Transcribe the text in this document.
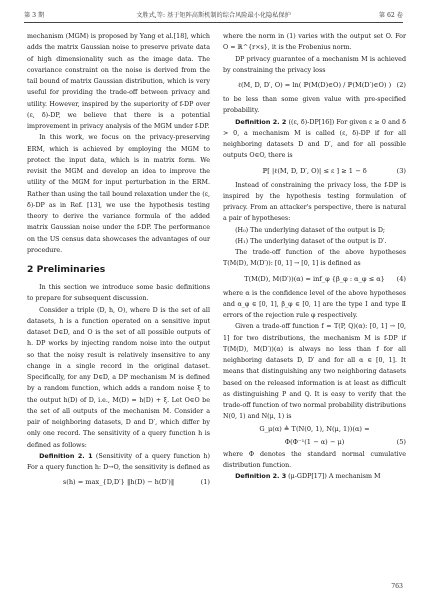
第 3 期	文胜式,等: 基于矩阵高斯机制的综合风险最小化隐私保护	第 62 卷

mechanism (MGM) is proposed by Yang et al.[18], which adds the matrix Gaussian noise to preserve private data of high dimensionality such as the image data. The covariance constraint on the noise is derived from the tail bound of matrix Gaussian distribution, which is very useful for providing the trade-off between privacy and utility. However, inspired by the superiority of f-DP over (ε, δ)-DP, we believe that there is a potential improvement in privacy analysis of the MGM under f-DP.

In this work, we focus on the privacy-preserving ERM, which is achieved by employing the MGM to protect the input data, which is in matrix form. We revisit the MGM and develop an idea to improve the utility of the MGM for input perturbation in the ERM. Rather than using the tail bound relaxation under the (ε, δ)-DP as in Ref. [13], we use the hypothesis testing theory to derive the variance formula of the added matrix Gaussian noise under the f-DP. The performance on the US census data showcases the advantages of our procedure.

2 Preliminaries

In this section we introduce some basic definitions to prepare for subsequent discussion.

Consider a triple (D, h, O), where D is the set of all datasets, h is a function operated on a sensitive input dataset D∈D, and O is the set of all possible outputs of h. DP works by injecting random noise into the output so that the noisy result is relatively insensitive to any change in a single record in the original dataset. Specifically, for any D∈D, a DP mechanism M is defined by a random function, which adds a random noise ξ to the output h(D) of D, i.e., M(D) = h(D) + ξ. Let O∈O be the set of all outputs of the mechanism M. Consider a pair of neighboring datasets, D and D′, which differ by only one record. The sensitivity of a query function h is defined as follows:

Definition 2. 1 (Sensitivity of a query function h) For a query function h: D→O, the sensitivity is defined as

s(h) = max_{D,D′} ‖h(D) − h(D′)‖	(1)

where the norm in (1) varies with the output set O. For O = ℝ^{r×s}, it is the Frobenius norm.

DP privacy guarantee of a mechanism M is achieved by constraining the privacy loss

ℓ(M, D, D′, O) = ln( ℙ(M(D)∈O) / ℙ(M(D′)∈O) ) (2)

to be less than some given value with pre-specified probability.

Definition 2. 2 ((ε, δ)-DP[16]) For given ε ≥ 0 and δ > 0, a mechanism M is called (ε, δ)-DP if for all neighboring datasets D and D′, and for all possible outputs O∈O, there is

ℙ[ |ℓ(M, D, D′, O)| ≤ ε ] ≥ 1 − δ	(3)

Instead of constraining the privacy loss, the f-DP is inspired by the hypothesis testing formulation of privacy. From an attacker's perspective, there is natural a pair of hypotheses:

(H₀) The underlying dataset of the output is D;

(H₁) The underlying dataset of the output is D′.

The trade-off function of the above hypotheses T(M(D), M(D′)): [0, 1] → [0, 1] is defined as

T(M(D), M(D′))(α) = inf_φ {β_φ : α_φ ≤ α} (4)

where α is the confidence level of the above hypotheses and α_φ ∈ [0, 1], β_φ ∈ [0, 1] are the type Ⅰ and type Ⅱ errors of the rejection rule φ respectively.

Given a trade-off function f = T(P, Q)(α): [0, 1] → [0, 1] for two distributions, the mechanism M is f-DP if T(M(D), M(D′))(α) is always no less than f for all neighboring datasets D, D′ and for all α ∈ [0, 1]. It means that distinguishing any two neighboring datasets based on the released information is at least as difficult as distinguishing P and Q. It is easy to verify that the trade-off function of two normal probability distributions N(0, 1) and N(μ, 1) is

G_μ(α) ≜ T(N(0, 1), N(μ, 1))(α) =
Φ(Φ⁻¹(1 − α) − μ)	(5)

where Φ denotes the standard normal cumulative distribution function.

Definition 2. 3 (μ-GDP[17]) A mechanism M

763
